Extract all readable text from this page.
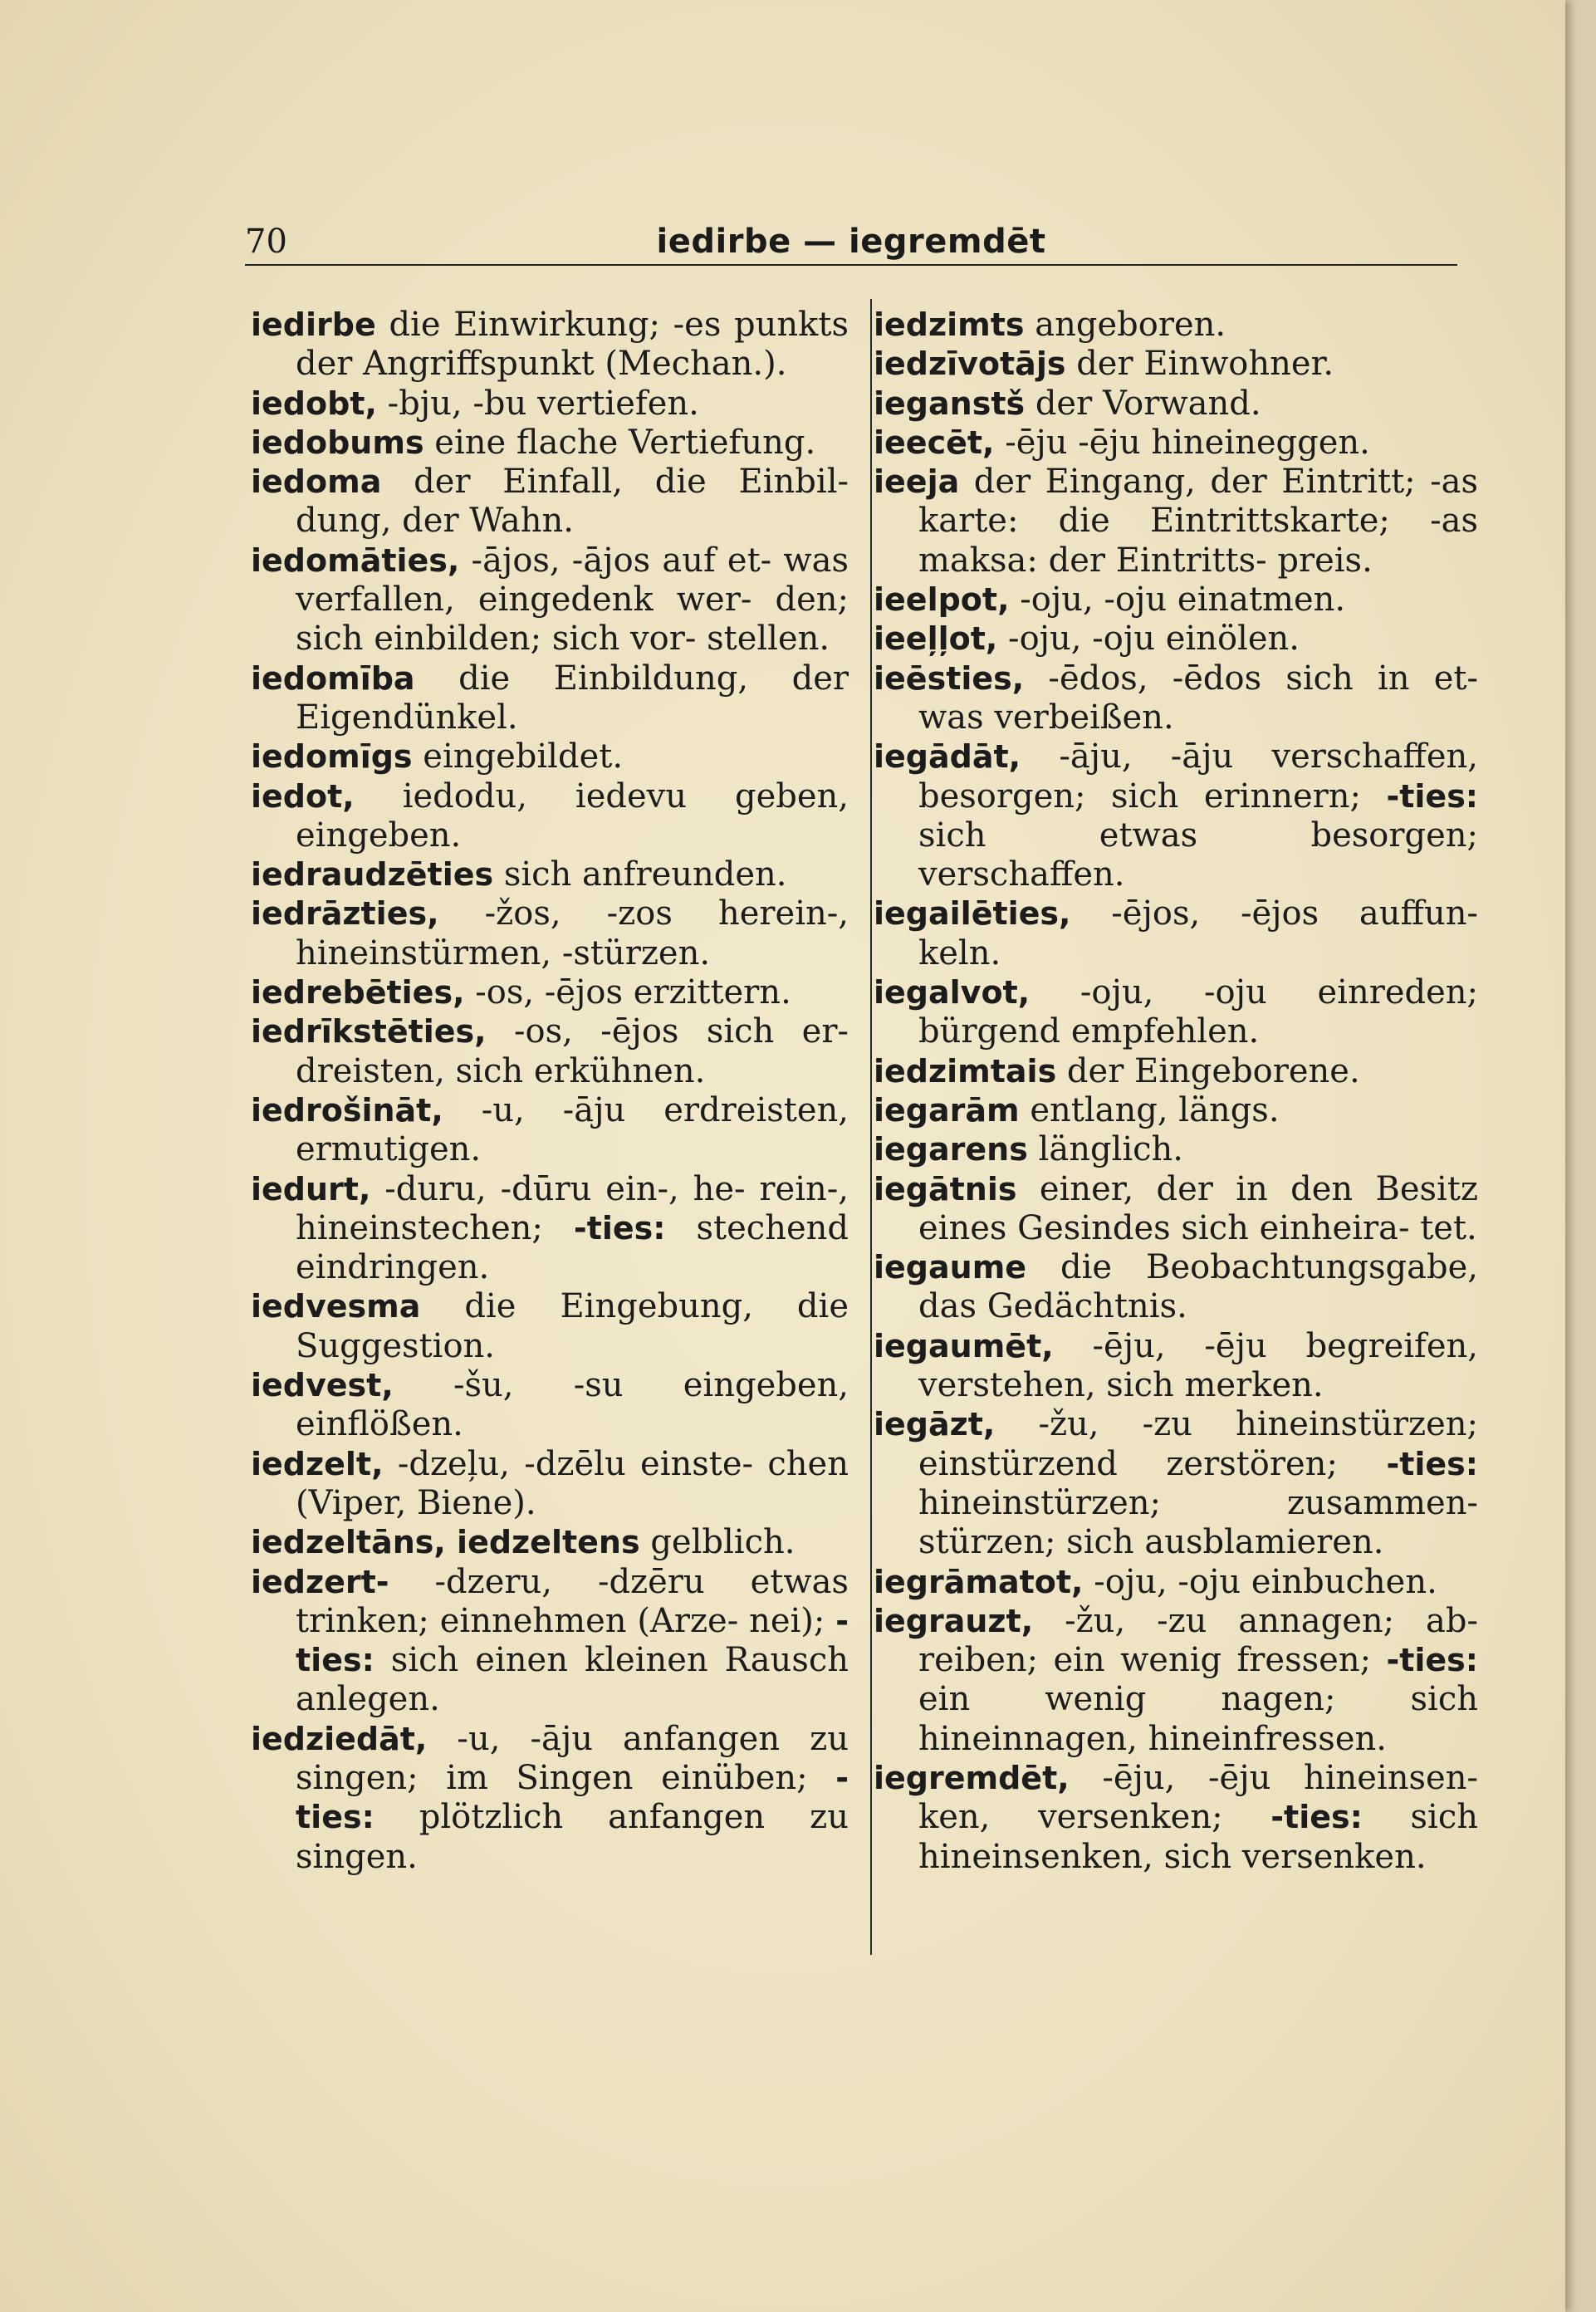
70	iedirbe — iegremdēt
iedirbe die Einwirkung; -es punkts der Angriffspunkt (Mechan.).
iedobt, -bju, -bu vertiefen.
iedobums eine flache Vertiefung.
iedoma der Einfall, die Einbil- dung, der Wahn.
iedomāties, -ājos, -ājos auf et- was verfallen, eingedenk wer- den; sich einbilden; sich vor- stellen.
iedomība die Einbildung, der Eigendünkel.
iedomīgs eingebildet.
iedot, iedodu, iedevu geben, eingeben.
iedraudzēties sich anfreunden.
iedrāzties, -žos, -zos herein-, hineinstürmen, -stürzen.
iedrebēties, -os, -ējos erzittern.
iedrīkstēties, -os, -ējos sich er- dreisten, sich erkühnen.
iedrošināt, -u, -āju erdreisten, ermutigen.
iedurt, -duru, -dūru ein-, he- rein-, hineinstechen; -ties: stechend eindringen.
iedvesma die Eingebung, die Suggestion.
iedvest, -šu, -su eingeben, einflößen.
iedzelt, -dzeļu, -dzēlu einste- chen (Viper, Biene).
iedzeltāns, iedzeltens gelblich.
iedzert- -dzeru, -dzēru etwas trinken; einnehmen (Arze- nei); -ties: sich einen kleinen Rausch anlegen.
iedziedāt, -u, -āju anfangen zu singen; im Singen einüben; -ties: plötzlich anfangen zu singen.
iedzimts angeboren.
iedzīvotājs der Einwohner.
ieganstš der Vorwand.
ieecēt, -ēju -ēju hineineggen.
ieeja der Eingang, der Eintritt; -as karte: die Eintrittskarte; -as maksa: der Eintritts- preis.
ieelpot, -oju, -oju einatmen.
ieeļļot, -oju, -oju einölen.
ieēsties, -ēdos, -ēdos sich in et- was verbeißen.
iegādāt, -āju, -āju verschaffen, besorgen; sich erinnern; -ties: sich etwas besorgen; verschaffen.
iegailēties, -ējos, -ējos auffun- keln.
iegalvot, -oju, -oju einreden; bürgend empfehlen.
iedzimtais der Eingeborene.
iegarām entlang, längs.
iegarens länglich.
iegātnis einer, der in den Besitz eines Gesindes sich einheira- tet.
iegaume die Beobachtungsgabe, das Gedächtnis.
iegaumēt, -ēju, -ēju begreifen, verstehen, sich merken.
iegāzt, -žu, -zu hineinstürzen; einstürzend zerstören; -ties: hineinstürzen; zusammen- stürzen; sich ausblamieren.
iegrāmatot, -oju, -oju einbuchen.
iegrauzt, -žu, -zu annagen; ab- reiben; ein wenig fressen; -ties: ein wenig nagen; sich hineinnagen, hineinfressen.
iegremdēt, -ēju, -ēju hineinsen- ken, versenken; -ties: sich hineinsenken, sich versenken.
